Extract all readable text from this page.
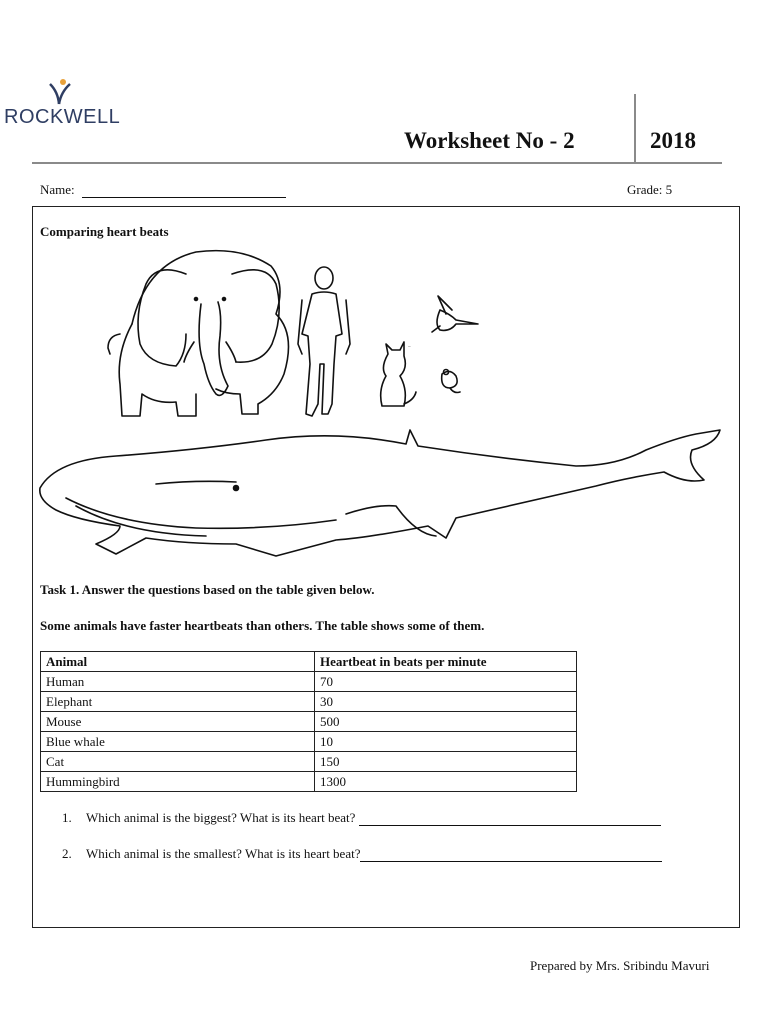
ROCKWELL
Worksheet No - 2	2018
Name:	Grade: 5
Comparing heart beats
~
Task 1. Answer the questions based on the table given below.
Some animals have faster heartbeats than others. The table shows some of them.
Animal	Heartbeat in beats per minute
Human	70
Elephant	30
Mouse	500
Blue whale	10
Cat	150
Hummingbird	1300
1. Which animal is the biggest? What is its heart beat?
2. Which animal is the smallest? What is its heart beat?
Prepared by Mrs. Sribindu Mavuri
